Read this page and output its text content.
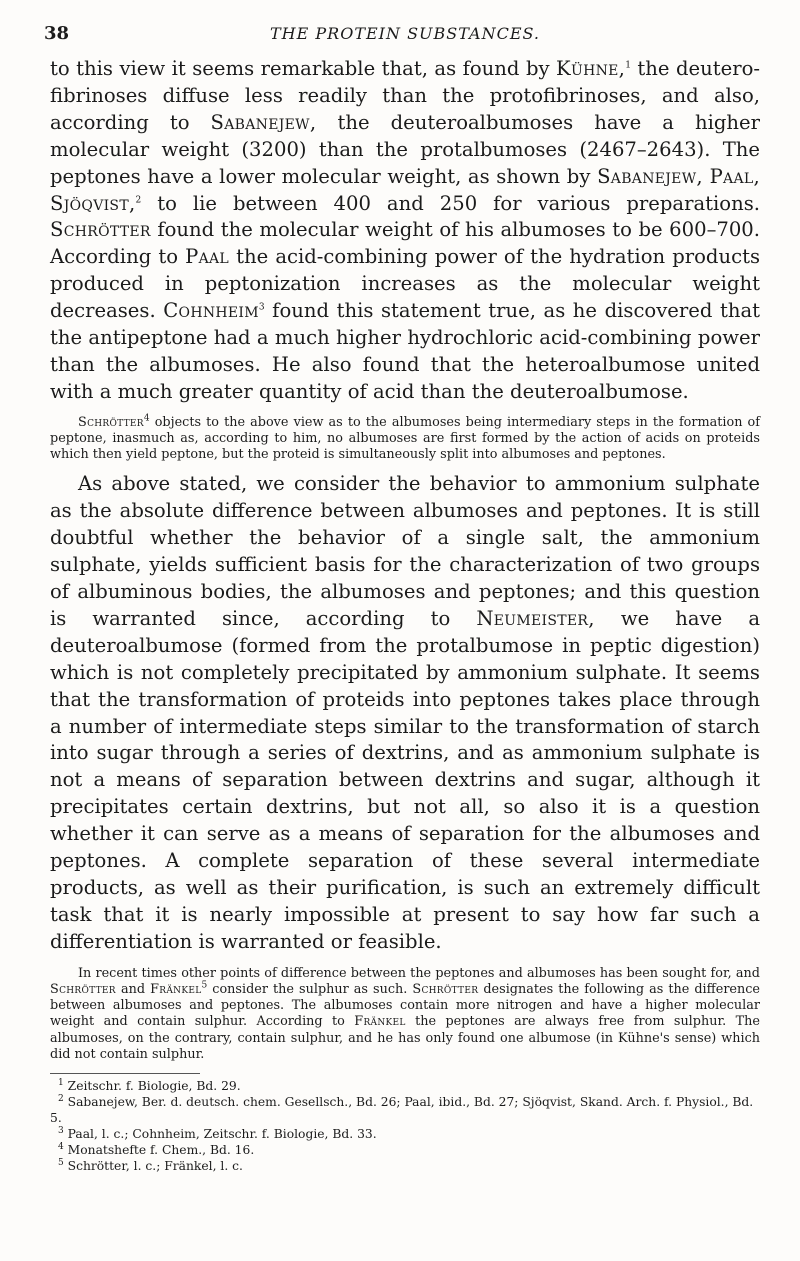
38	THE PROTEIN SUBSTANCES.

to this view it seems remarkable that, as found by Kühne,$^1$ the deutero-fibrinoses diffuse less readily than the protofibrinoses, and also, according to Sabanejew, the deuteroalbumoses have a higher molecular weight (3200) than the protalbumoses (2467–2643). The peptones have a lower molecular weight, as shown by Sabanejew, Paal, Sjöqvist,$^2$ to lie between 400 and 250 for various preparations. Schrötter found the molecular weight of his albumoses to be 600–700. According to Paal the acid-combining power of the hydration products produced in peptonization increases as the molecular weight decreases. Cohnheim$^3$ found this statement true, as he discovered that the antipeptone had a much higher hydrochloric acid-combining power than the albumoses. He also found that the heteroalbumose united with a much greater quantity of acid than the deuteroalbumose.

Schrötter$^4$ objects to the above view as to the albumoses being intermediary steps in the formation of peptone, inasmuch as, according to him, no albumoses are first formed by the action of acids on proteids which then yield peptone, but the proteid is simultaneously split into albumoses and peptones.

As above stated, we consider the behavior to ammonium sulphate as the absolute difference between albumoses and peptones. It is still doubtful whether the behavior of a single salt, the ammonium sulphate, yields sufficient basis for the characterization of two groups of albuminous bodies, the albumoses and peptones; and this question is warranted since, according to Neumeister, we have a deuteroalbumose (formed from the protalbumose in peptic digestion) which is not completely precipitated by ammonium sulphate. It seems that the transformation of proteids into peptones takes place through a number of intermediate steps similar to the transformation of starch into sugar through a series of dextrins, and as ammonium sulphate is not a means of separation between dextrins and sugar, although it precipitates certain dextrins, but not all, so also it is a question whether it can serve as a means of separation for the albumoses and peptones. A complete separation of these several intermediate products, as well as their purification, is such an extremely difficult task that it is nearly impossible at present to say how far such a differentiation is warranted or feasible.

In recent times other points of difference between the peptones and albumoses has been sought for, and Schrötter and Fränkel$^5$ consider the sulphur as such. Schrötter designates the following as the difference between albumoses and peptones. The albumoses contain more nitrogen and have a higher molecular weight and contain sulphur. According to Fränkel the peptones are always free from sulphur. The albumoses, on the contrary, contain sulphur, and he has only found one albumose (in Kühne's sense) which did not contain sulphur.

$^1$ Zeitschr. f. Biologie, Bd. 29.

$^2$ Sabanejew, Ber. d. deutsch. chem. Gesellsch., Bd. 26; Paal, ibid., Bd. 27; Sjöqvist, Skand. Arch. f. Physiol., Bd. 5.

$^3$ Paal, l. c.; Cohnheim, Zeitschr. f. Biologie, Bd. 33.

$^4$ Monatshefte f. Chem., Bd. 16.

$^5$ Schrötter, l. c.; Fränkel, l. c.
